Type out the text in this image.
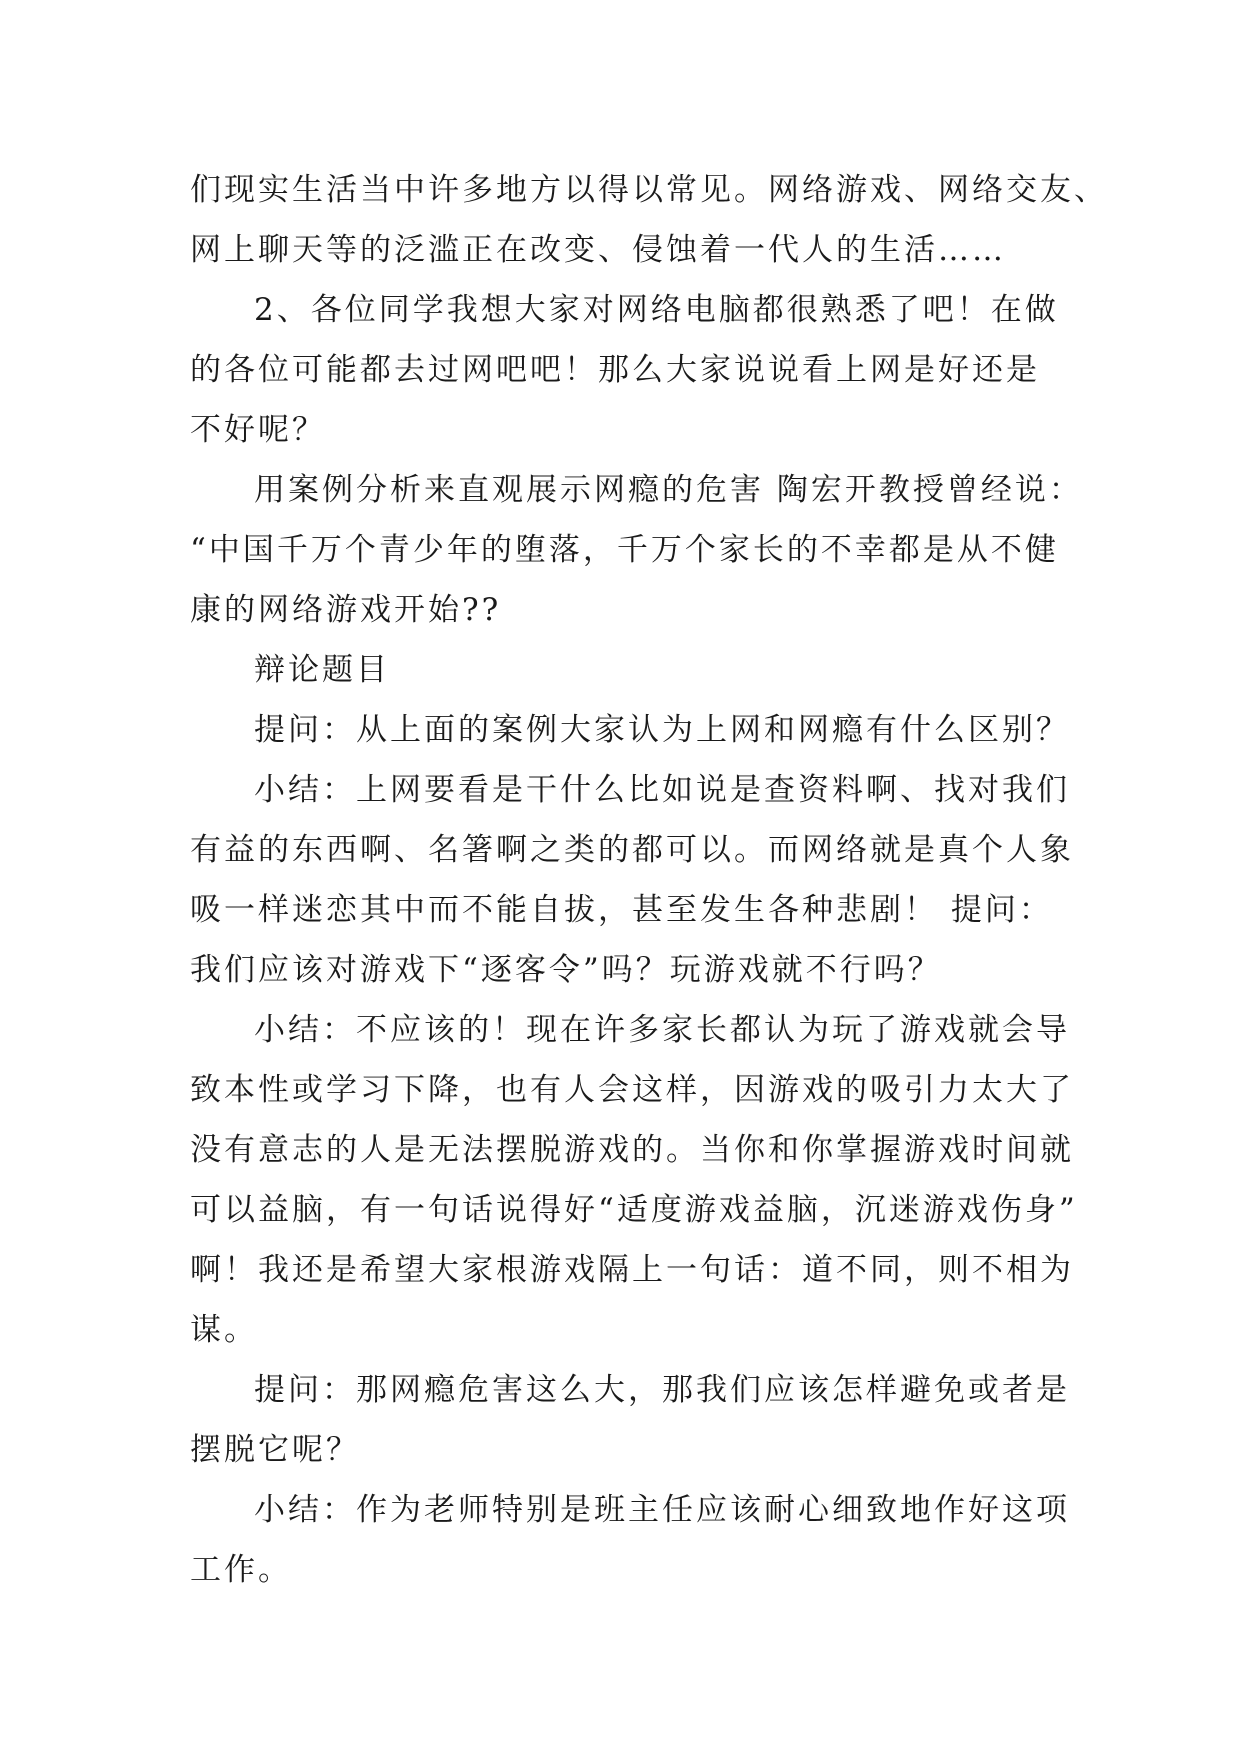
们现实生活当中许多地方以得以常见。网络游戏、网络交友、
网上聊天等的泛滥正在改变、侵蚀着一代人的生活……
2、各位同学我想大家对网络电脑都很熟悉了吧！在做
的各位可能都去过网吧吧！那么大家说说看上网是好还是
不好呢？
用案例分析来直观展示网瘾的危害 陶宏开教授曾经说：
“中国千万个青少年的堕落，千万个家长的不幸都是从不健
康的网络游戏开始??
辩论题目
提问：从上面的案例大家认为上网和网瘾有什么区别？
小结：上网要看是干什么比如说是查资料啊、找对我们
有益的东西啊、名箸啊之类的都可以。而网络就是真个人象
吸一样迷恋其中而不能自拔，甚至发生各种悲剧！ 提问：
我们应该对游戏下“逐客令”吗？玩游戏就不行吗？
小结：不应该的！现在许多家长都认为玩了游戏就会导
致本性或学习下降，也有人会这样，因游戏的吸引力太大了
没有意志的人是无法摆脱游戏的。当你和你掌握游戏时间就
可以益脑，有一句话说得好“适度游戏益脑，沉迷游戏伤身”
啊！我还是希望大家根游戏隔上一句话：道不同，则不相为
谋。
提问：那网瘾危害这么大，那我们应该怎样避免或者是
摆脱它呢？
小结：作为老师特别是班主任应该耐心细致地作好这项
工作。
